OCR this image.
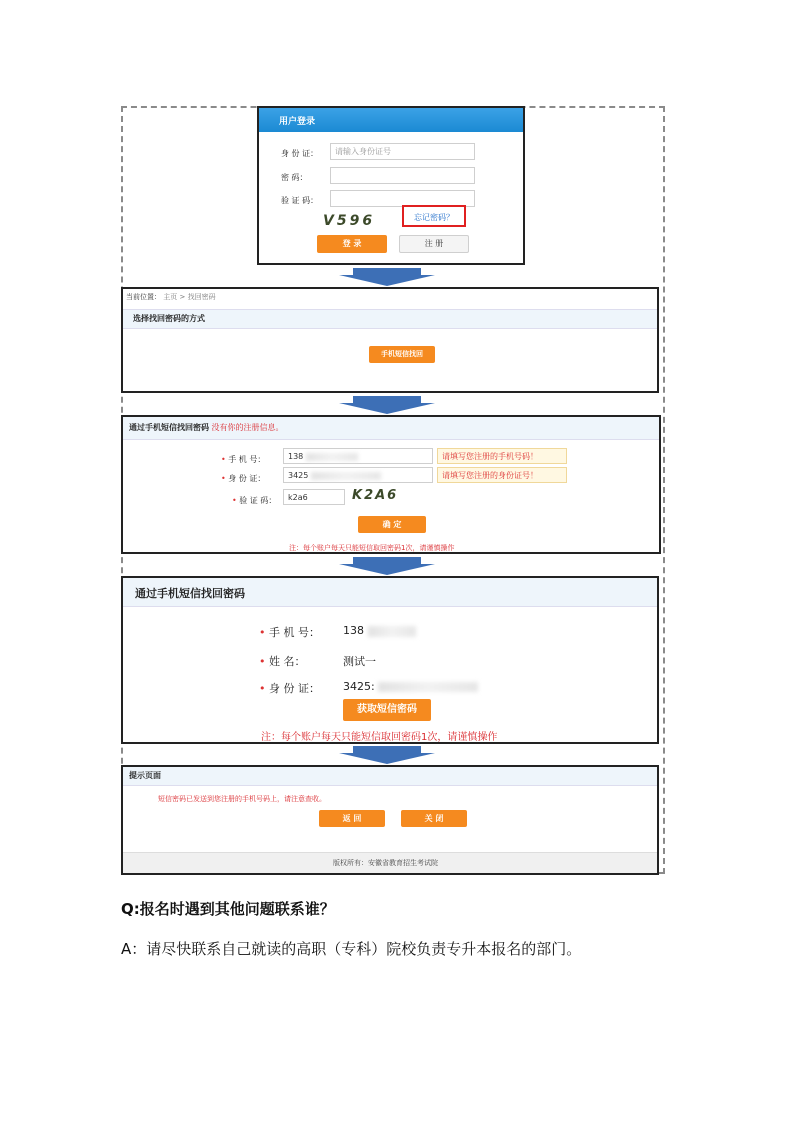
用户登录
身 份 证：	请输入身份证号
密 码：
验 证 码：
V596	忘记密码？
登 录	注 册
当前位置： 主页 > 找回密码
选择找回密码的方式
手机短信找回
通过手机短信找回密码 没有你的注册信息。
• 手 机 号：	138	请填写您注册的手机号码！
• 身 份 证：	3425	请填写您注册的身份证号！
• 验 证 码：	k2a6	K2A6
确 定
注：每个账户每天只能短信取回密码1次，请谨慎操作
通过手机短信找回密码
• 手 机 号： 138
• 姓 名：	测试一
• 身 份 证： 3425:
获取短信密码
注：每个账户每天只能短信取回密码1次，请谨慎操作
提示页面
短信密码已发送到您注册的手机号码上，请注意查收。
返 回	关 闭
版权所有：安徽省教育招生考试院
Q:报名时遇到其他问题联系谁？
A：请尽快联系自己就读的高职（专科）院校负责专升本报名的部门。
